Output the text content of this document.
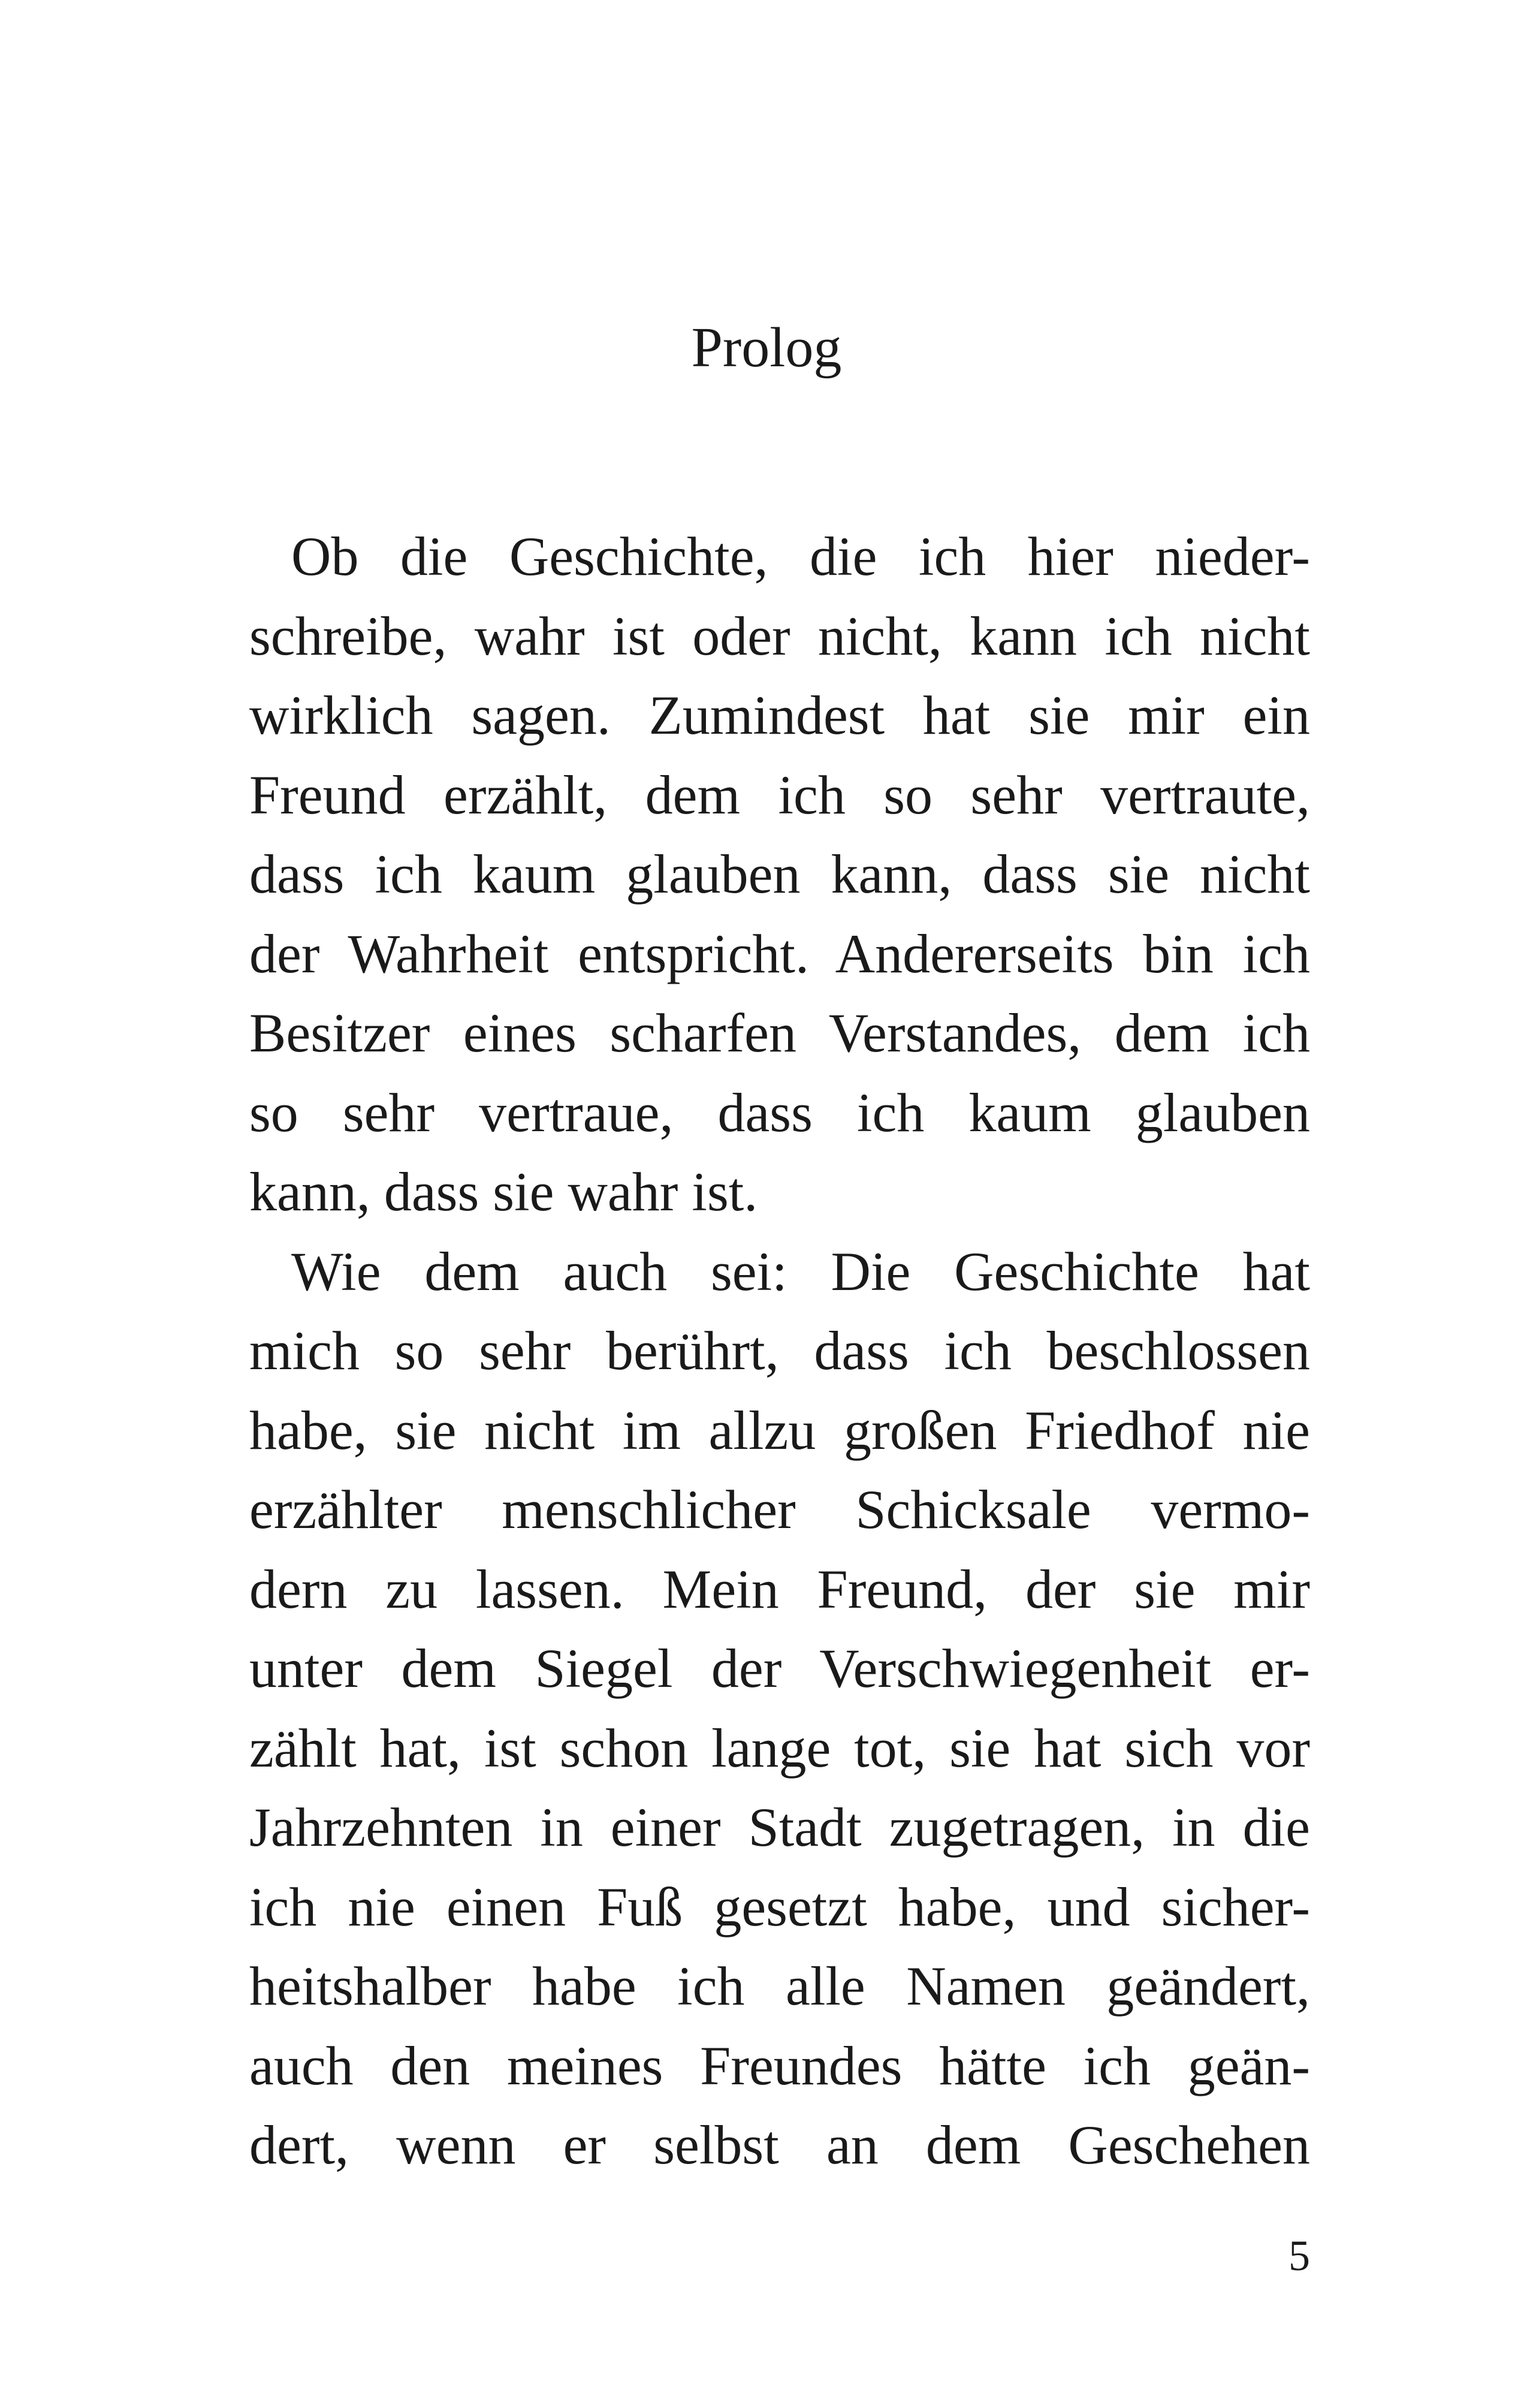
Prolog
Ob die Geschichte, die ich hier nieder-
schreibe, wahr ist oder nicht, kann ich nicht
wirklich sagen. Zumindest hat sie mir ein
Freund erzählt, dem ich so sehr vertraute,
dass ich kaum glauben kann, dass sie nicht
der Wahrheit entspricht. Andererseits bin ich
Besitzer eines scharfen Verstandes, dem ich
so sehr vertraue, dass ich kaum glauben
kann, dass sie wahr ist.
Wie dem auch sei: Die Geschichte hat
mich so sehr berührt, dass ich beschlossen
habe, sie nicht im allzu großen Friedhof nie
erzählter menschlicher Schicksale vermo-
dern zu lassen. Mein Freund, der sie mir
unter dem Siegel der Verschwiegenheit er-
zählt hat, ist schon lange tot, sie hat sich vor
Jahrzehnten in einer Stadt zugetragen, in die
ich nie einen Fuß gesetzt habe, und sicher-
heitshalber habe ich alle Namen geändert,
auch den meines Freundes hätte ich geän-
dert, wenn er selbst an dem Geschehen
5
